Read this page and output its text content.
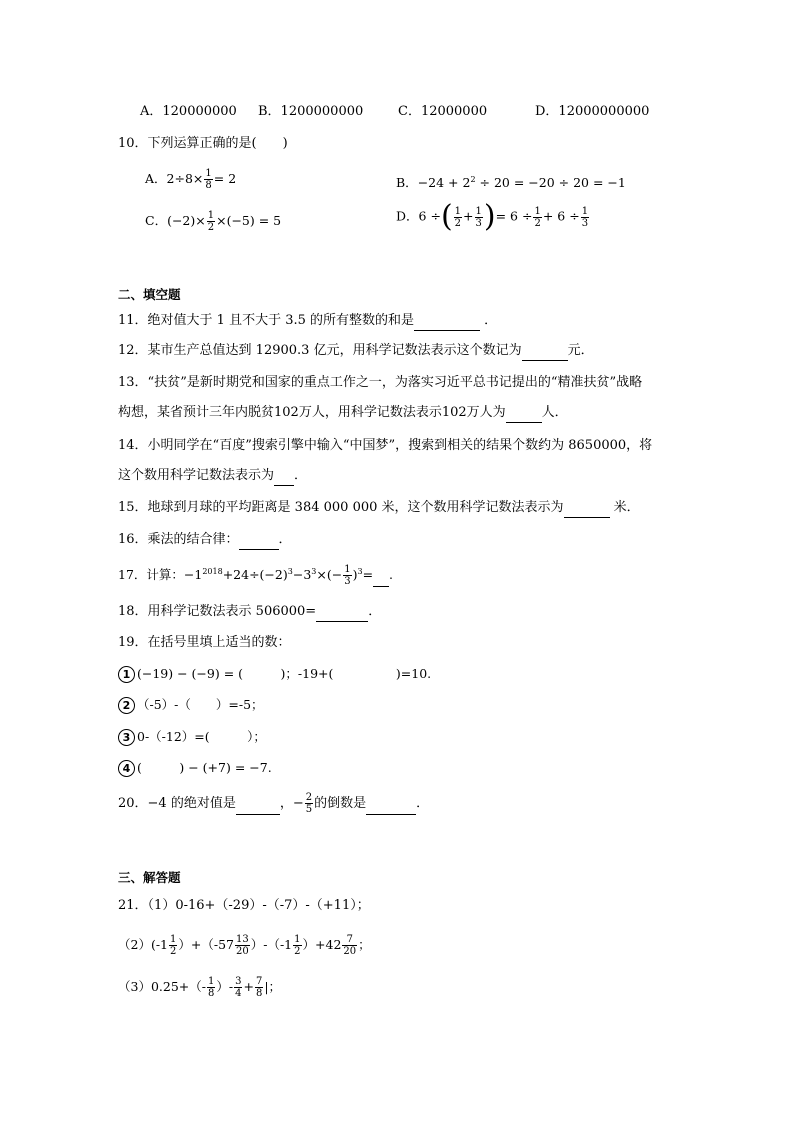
A．120000000 B．1200000000	C．12000000	D．12000000000
10．下列运算正确的是(　　)
A．$2\div 8\times \frac{1}{8} = 2$	B．$-24 + 2^2 \div 20 = -20 \div 20 = -1$
C．$(-2)\times \frac{1}{2} \times(-5) = 5$	D．6 ÷( $\frac{1}{2} + \frac{1}{3}$ )= $6 \div \frac{1}{2} + 6 \div \frac{1}{3}$
二、填空题
11．绝对值大于 1 且不大于 3.5 的所有整数的和是	．
12．某市生产总值达到 12900.3 亿元，用科学记数法表示这个数记为	元．
13．“扶贫”是新时期党和国家的重点工作之一，为落实习近平总书记提出的“精准扶贫”战略
构想，某省预计三年内脱贫102万人，用科学记数法表示102万人为	人．
14．小明同学在“百度”搜索引擎中输入“中国梦”，搜索到相关的结果个数约为 8650000，将
这个数用科学记数法表示为 ．
15．地球到月球的平均距离是 384 000 000 米，这个数用科学记数法表示为	米．
16．乘法的结合律：	．
17．计算：$-1^{2018}+24\div(-2)^3-3^3\times(- \frac{1}{3} )^3=$ .
18．用科学记数法表示 506000=	．
19．在括号里填上适当的数：
1 (−19) − (−9) = (　　　)；-19+(　　　　　)=10.
2 （-5）-（　　）=-5；
3 0-（-12）=(　　　）；
4 (　　　) − (+7) = −7.
20．−4 的绝对值是	，− $\frac{2}{5}$ 的倒数是	．
三、解答题
21．（1）0-16+（-29）-（-7）-（+11）；
$(2)(-1 \frac{1}{2} )+(-57 \frac{13}{20} )-(-1 \frac{1}{2} )+42 \frac{7}{20}$ ；
$(3)0.25+(- \frac{1}{8}$ ）- $\frac{3}{4} + \frac{7}{8}$ |；
